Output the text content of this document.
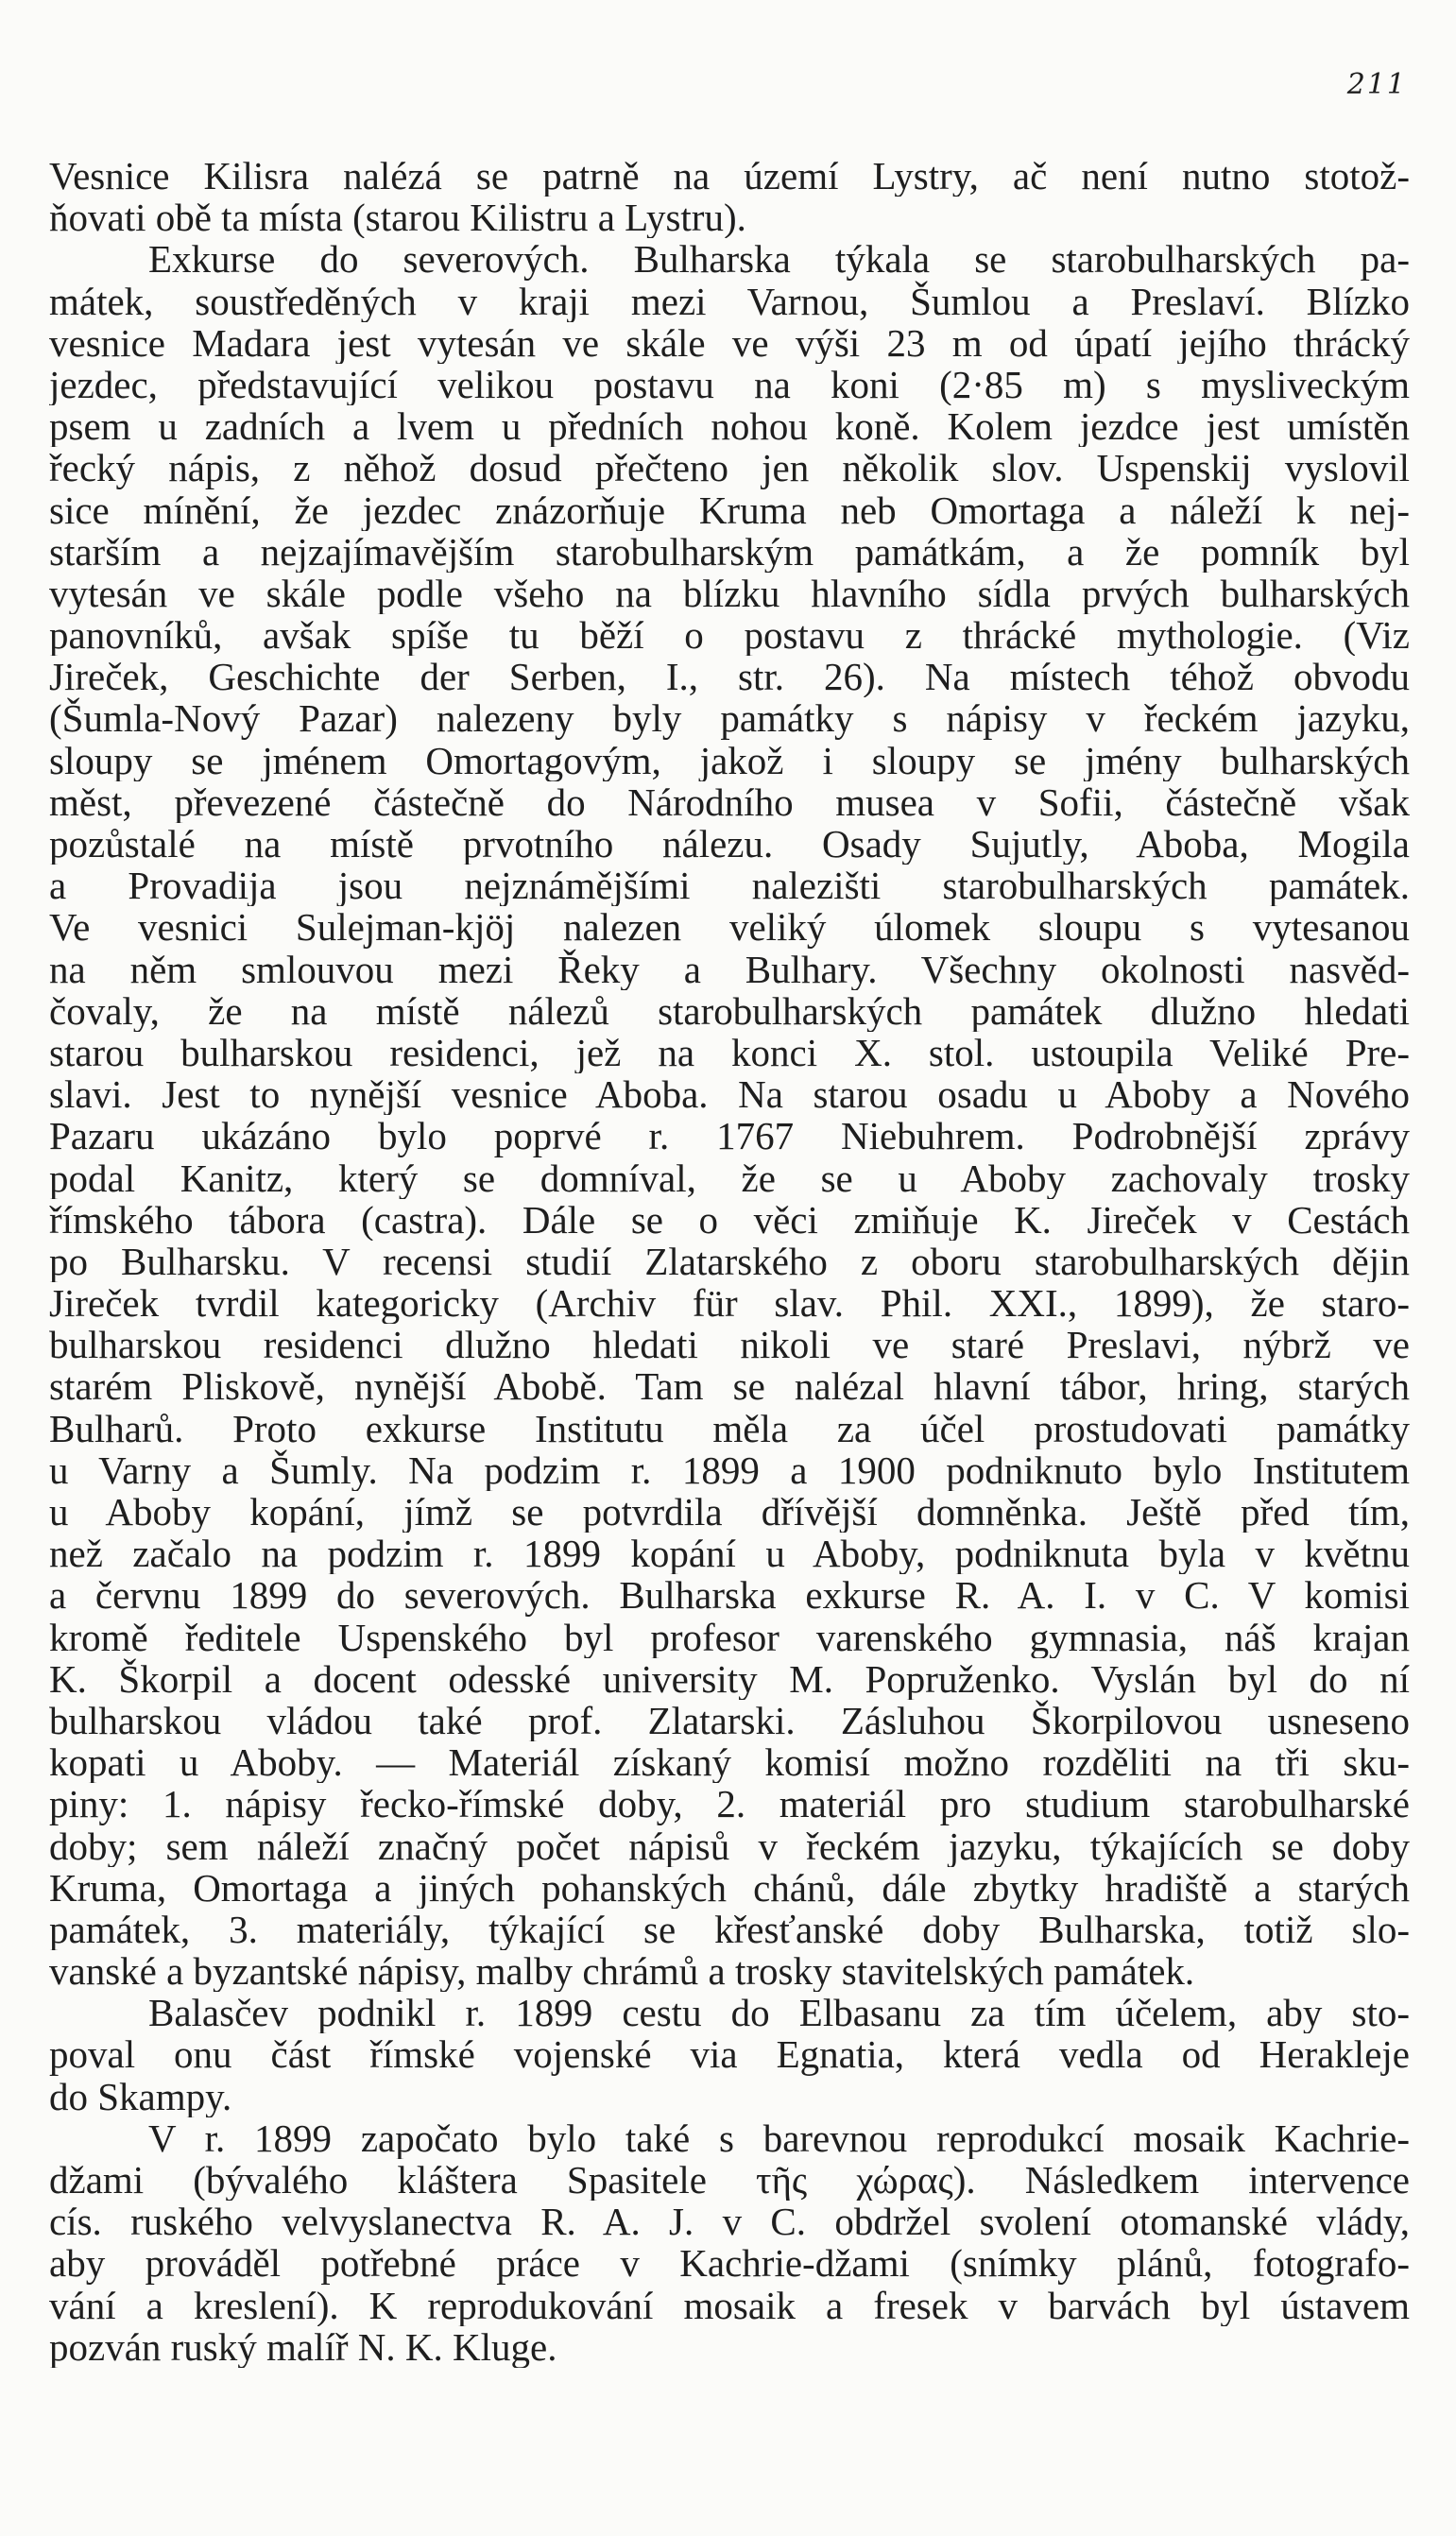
211
Vesnice Kilisra nalézá se patrně na území Lystry, ač není nutno stotož-
ňovati obě ta místa (starou Kilistru a Lystru).
Exkurse do severových. Bulharska týkala se starobulharských pa-
mátek, soustředěných v kraji mezi Varnou, Šumlou a Preslaví. Blízko
vesnice Madara jest vytesán ve skále ve výši 23 m od úpatí jejího thrácký
jezdec, představující velikou postavu na koni (2·85 m) s mysliveckým
psem u zadních a lvem u předních nohou koně. Kolem jezdce jest umístěn
řecký nápis, z něhož dosud přečteno jen několik slov. Uspenskij vyslovil
sice mínění, že jezdec znázorňuje Kruma neb Omortaga a náleží k nej-
starším a nejzajímavějším starobulharským památkám, a že pomník byl
vytesán ve skále podle všeho na blízku hlavního sídla prvých bulharských
panovníků, avšak spíše tu běží o postavu z thrácké mythologie. (Viz
Jireček, Geschichte der Serben, I., str. 26). Na místech téhož obvodu
(Šumla-Nový Pazar) nalezeny byly památky s nápisy v řeckém jazyku,
sloupy se jménem Omortagovým, jakož i sloupy se jmény bulharských
měst, převezené částečně do Národního musea v Sofii, částečně však
pozůstalé na místě prvotního nálezu. Osady Sujutly, Aboba, Mogila
a Provadija jsou nejznámějšími nalezišti starobulharských památek.
Ve vesnici Sulejman-kjöj nalezen veliký úlomek sloupu s vytesanou
na něm smlouvou mezi Řeky a Bulhary. Všechny okolnosti nasvěd-
čovaly, že na místě nálezů starobulharských památek dlužno hledati
starou bulharskou residenci, jež na konci X. stol. ustoupila Veliké Pre-
slavi. Jest to nynější vesnice Aboba. Na starou osadu u Aboby a Nového
Pazaru ukázáno bylo poprvé r. 1767 Niebuhrem. Podrobnější zprávy
podal Kanitz, který se domníval, že se u Aboby zachovaly trosky
římského tábora (castra). Dále se o věci zmiňuje K. Jireček v Cestách
po Bulharsku. V recensi studií Zlatarského z oboru starobulharských dějin
Jireček tvrdil kategoricky (Archiv für slav. Phil. XXI., 1899), že staro-
bulharskou residenci dlužno hledati nikoli ve staré Preslavi, nýbrž ve
starém Pliskově, nynější Abobě. Tam se nalézal hlavní tábor, hring, starých
Bulharů. Proto exkurse Institutu měla za účel prostudovati památky
u Varny a Šumly. Na podzim r. 1899 a 1900 podniknuto bylo Institutem
u Aboby kopání, jímž se potvrdila dřívější domněnka. Ještě před tím,
než začalo na podzim r. 1899 kopání u Aboby, podniknuta byla v květnu
a červnu 1899 do severových. Bulharska exkurse R. A. I. v C. V komisi
kromě ředitele Uspenského byl profesor varenského gymnasia, náš krajan
K. Škorpil a docent odesské university M. Popruženko. Vyslán byl do ní
bulharskou vládou také prof. Zlatarski. Zásluhou Škorpilovou usneseno
kopati u Aboby. — Materiál získaný komisí možno rozděliti na tři sku-
piny: 1. nápisy řecko-římské doby, 2. materiál pro studium starobulharské
doby; sem náleží značný počet nápisů v řeckém jazyku, týkajících se doby
Kruma, Omortaga a jiných pohanských chánů, dále zbytky hradiště a starých
památek, 3. materiály, týkající se křesťanské doby Bulharska, totiž slo-
vanské a byzantské nápisy, malby chrámů a trosky stavitelských památek.
Balasčev podnikl r. 1899 cestu do Elbasanu za tím účelem, aby sto-
poval onu část římské vojenské via Egnatia, která vedla od Herakleje
do Skampy.
V r. 1899 započato bylo také s barevnou reprodukcí mosaik Kachrie-
džami (bývalého kláštera Spasitele τῆς χώρας). Následkem intervence
cís. ruského velvyslanectva R. A. J. v C. obdržel svolení otomanské vlády,
aby prováděl potřebné práce v Kachrie-džami (snímky plánů, fotografo-
vání a kreslení). K reprodukování mosaik a fresek v barvách byl ústavem
pozván ruský malíř N. K. Kluge.
